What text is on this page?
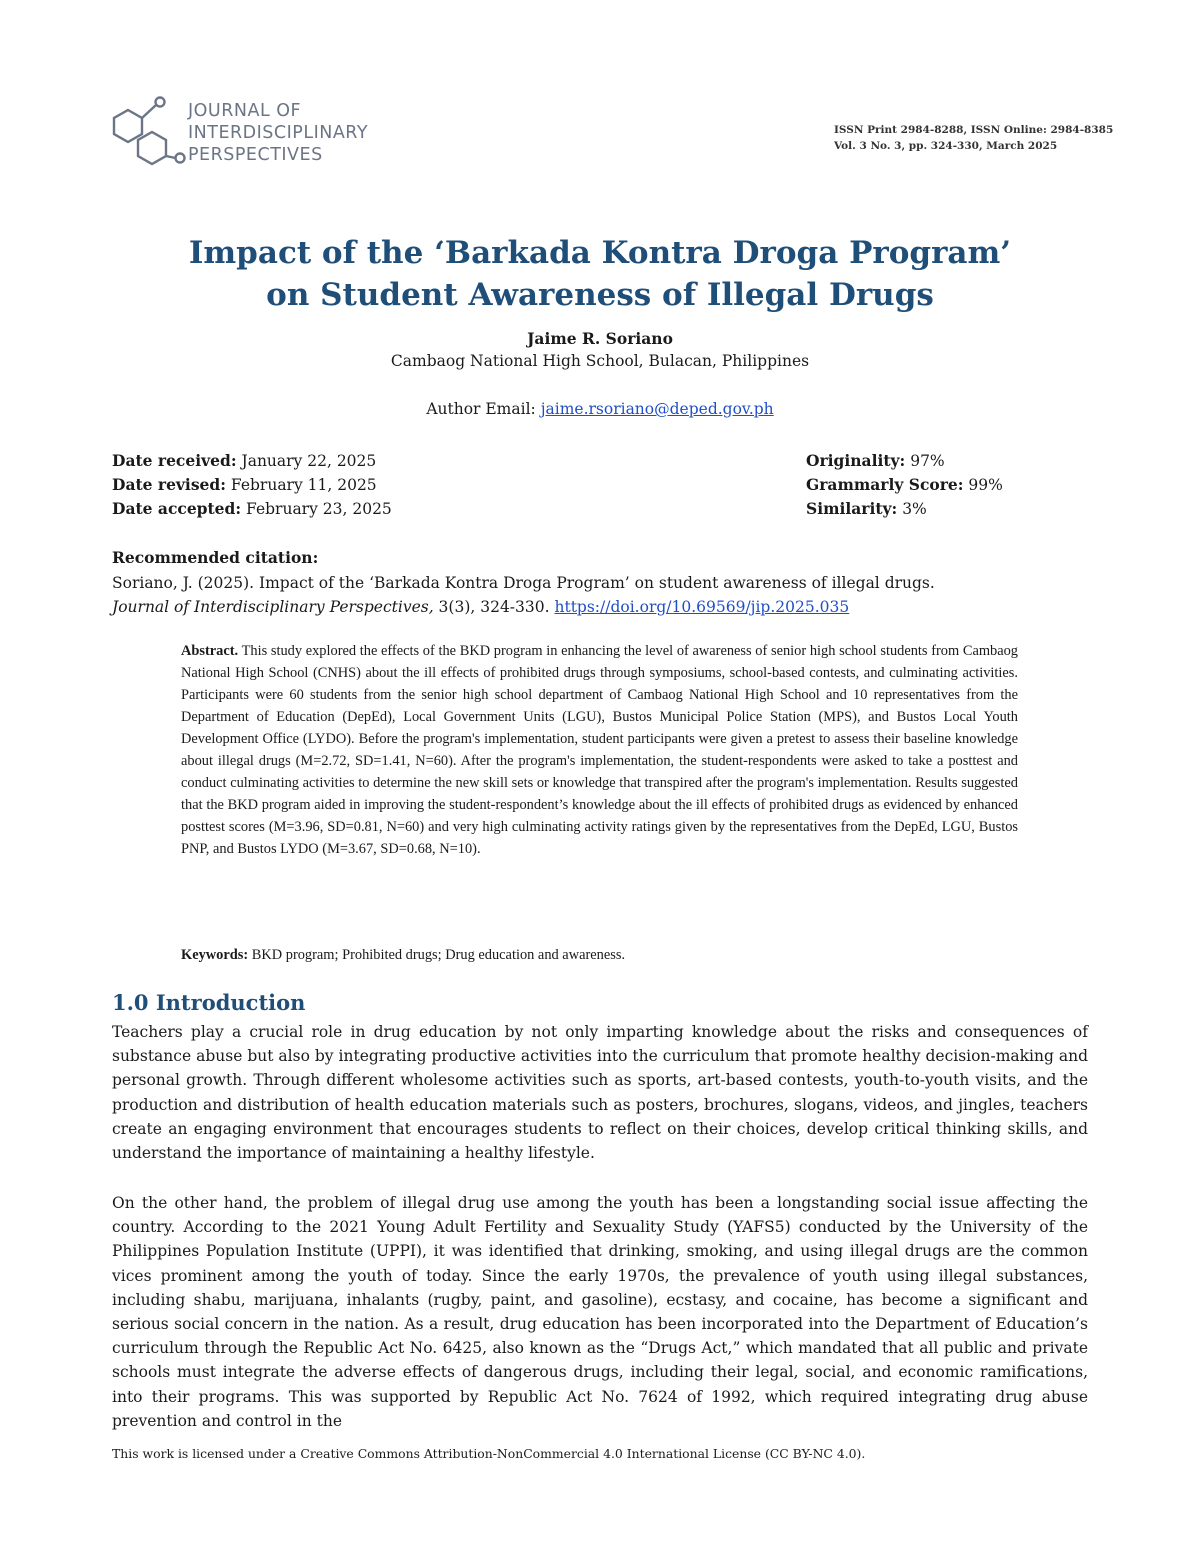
JOURNAL OF
INTERDISCIPLINARY
PERSPECTIVES
ISSN Print 2984-8288, ISSN Online: 2984-8385
Vol. 3 No. 3, pp. 324-330, March 2025
Impact of the ‘Barkada Kontra Droga Program’
on Student Awareness of Illegal Drugs
Jaime R. Soriano
Cambaog National High School, Bulacan, Philippines
Author Email: jaime.rsoriano@deped.gov.ph
Date received: January 22, 2025
Date revised: February 11, 2025
Date accepted: February 23, 2025
Originality: 97%
Grammarly Score: 99%
Similarity: 3%
Recommended citation:
Soriano, J. (2025). Impact of the ‘Barkada Kontra Droga Program’ on student awareness of illegal drugs.
Journal of Interdisciplinary Perspectives, 3(3), 324-330. https://doi.org/10.69569/jip.2025.035
Abstract. This study explored the effects of the BKD program in enhancing the level of awareness of senior high school students from Cambaog National High School (CNHS) about the ill effects of prohibited drugs through symposiums, school-based contests, and culminating activities. Participants were 60 students from the senior high school department of Cambaog National High School and 10 representatives from the Department of Education (DepEd), Local Government Units (LGU), Bustos Municipal Police Station (MPS), and Bustos Local Youth Development Office (LYDO). Before the program's implementation, student participants were given a pretest to assess their baseline knowledge about illegal drugs (M=2.72, SD=1.41, N=60). After the program's implementation, the student-respondents were asked to take a posttest and conduct culminating activities to determine the new skill sets or knowledge that transpired after the program's implementation. Results suggested that the BKD program aided in improving the student-respondent’s knowledge about the ill effects of prohibited drugs as evidenced by enhanced posttest scores (M=3.96, SD=0.81, N=60) and very high culminating activity ratings given by the representatives from the DepEd, LGU, Bustos PNP, and Bustos LYDO (M=3.67, SD=0.68, N=10).
Keywords: BKD program; Prohibited drugs; Drug education and awareness.
1.0 Introduction
Teachers play a crucial role in drug education by not only imparting knowledge about the risks and consequences of substance abuse but also by integrating productive activities into the curriculum that promote healthy decision-making and personal growth. Through different wholesome activities such as sports, art-based contests, youth-to-youth visits, and the production and distribution of health education materials such as posters, brochures, slogans, videos, and jingles, teachers create an engaging environment that encourages students to reflect on their choices, develop critical thinking skills, and understand the importance of maintaining a healthy lifestyle.
On the other hand, the problem of illegal drug use among the youth has been a longstanding social issue affecting the country. According to the 2021 Young Adult Fertility and Sexuality Study (YAFS5) conducted by the University of the Philippines Population Institute (UPPI), it was identified that drinking, smoking, and using illegal drugs are the common vices prominent among the youth of today. Since the early 1970s, the prevalence of youth using illegal substances, including shabu, marijuana, inhalants (rugby, paint, and gasoline), ecstasy, and cocaine, has become a significant and serious social concern in the nation. As a result, drug education has been incorporated into the Department of Education’s curriculum through the Republic Act No. 6425, also known as the “Drugs Act,” which mandated that all public and private schools must integrate the adverse effects of dangerous drugs, including their legal, social, and economic ramifications, into their programs. This was supported by Republic Act No. 7624 of 1992, which required integrating drug abuse prevention and control in the
This work is licensed under a Creative Commons Attribution-NonCommercial 4.0 International License (CC BY-NC 4.0).
